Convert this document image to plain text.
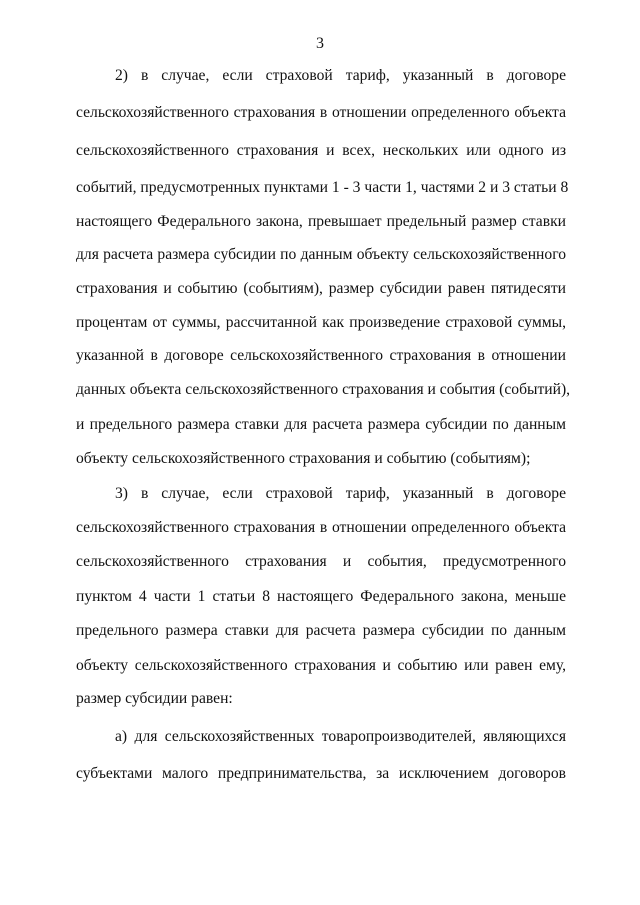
3
2) в случае, если страховой тариф, указанный в договоре
сельскохозяйственного страхования в отношении определенного объекта
сельскохозяйственного страхования и всех, нескольких или одного из
событий, предусмотренных пунктами 1 - 3 части 1, частями 2 и 3 статьи 8
настоящего Федерального закона, превышает предельный размер ставки
для расчета размера субсидии по данным объекту сельскохозяйственного
страхования и событию (событиям), размер субсидии равен пятидесяти
процентам от суммы, рассчитанной как произведение страховой суммы,
указанной в договоре сельскохозяйственного страхования в отношении
данных объекта сельскохозяйственного страхования и события (событий),
и предельного размера ставки для расчета размера субсидии по данным
объекту сельскохозяйственного страхования и событию (событиям);
3) в случае, если страховой тариф, указанный в договоре
сельскохозяйственного страхования в отношении определенного объекта
сельскохозяйственного страхования и события, предусмотренного
пунктом 4 части 1 статьи 8 настоящего Федерального закона, меньше
предельного размера ставки для расчета размера субсидии по данным
объекту сельскохозяйственного страхования и событию или равен ему,
размер субсидии равен:
а) для сельскохозяйственных товаропроизводителей, являющихся
субъектами малого предпринимательства, за исключением договоров
